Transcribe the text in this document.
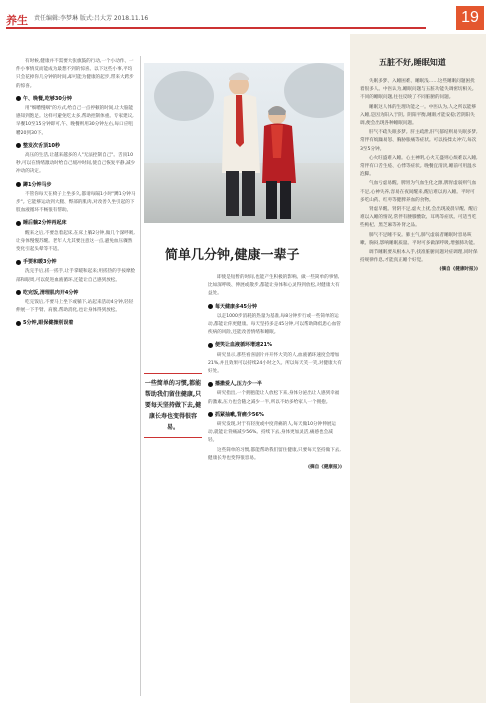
养生 责任编辑:李梦琳 版式:吕大芳 2018.11.16	19
简单几分钟,健康一辈子

有时候,健康并不需要大张旗鼓的行动,一个小动作、一件小事情反而能成为最想不到的惊喜。以下这些小事,平均只会花掉你几分钟的时间,却可能为健康的起步,带来大跨步的惊喜。

午、晚餐,吃够30分钟

用"细嚼慢咽"的方式,给自己一点停顿的时间,让大脑能感知到饱足。这样可避免吃太多,帮助控制体重。专家建议,早餐10至15分钟即可,午、晚餐则用30分钟左右,每口应咀嚼20到30下。

整发次舌顶10秒

高压的生活,让越来越多的人"无法控制自己"。舌顶10秒,可以在情绪激动时给自己缓冲时间,使自己恢复平静,减少冲动的决定。

蹲1分钟马步

不管你每天在椅子上坐多久,都请每隔1小时"蹲1分钟马步"。它能够运动到大腿、臀部的肌肉,对改善久坐引起的下肢血液循环不畅很有帮助。

睡后躺2分钟再起床

醒来之后,不要急着起床,在床上躺2分钟,做几个深呼吸,让身体慢慢苏醒。老年人尤其要注意这一点,避免血压骤然变化引起头晕等不适。

手要和暖3分钟

洗完手后,搓一搓手,让手掌暖和起来;用搓热的手按摩脸部和眼周,可以促进血液循环,还能让自己感到放松。

吃完饭,清理肌肉开4分钟

吃完饭后,不要马上坐下或躺下,站起来活动4分钟,轻轻伸展一下手臂、肩膀,帮助消化,也让身体得到放松。

5分钟,眼保健操别误着
一些简单的习惯,都能帮助我们留住健康,只要每天坚持做下去,健康长寿也变得很容易。

即使是短暂的时间,也能产生积极的影响。做一些简单的事情,比如深呼吸、伸展或散步,都能让身体和心灵得到放松,对健康大有益处。

每天健康多45分钟

以走1000步消耗的热量为基准,每8分钟步行或一些简单的运动,都能让你更健康。每天坚持多走45分钟,可以帮助降低患心血管疾病的风险,还能改善情绪和睡眠。

便笑让血液循环增速21%

研究显示,那些看喜剧片并开怀大笑的人,血液循环速度会增加21%,并且效果可以持续24小时之久。所以每天笑一笑,对健康大有好处。

播撒爱人,压力少一半

研究指出,一个拥抱能让人放松下来,身体分泌出让人感到幸福的激素,压力也会随之减少一半,所以不妨多给家人一个拥抱。

抓紧抽嗽,背痛少56%

研究发现,对于有轻度或中度背痛的人,每天做10分钟伸展运动,就能让背痛减少56%。持续下去,身体更加灵活,痛感也会减轻。

这些简单的习惯,都能帮助我们留住健康,只要每天坚持做下去,健康长寿也变得很容易。

(摘自《健康报》)
五脏不好,睡眠知道

失眠多梦、入睡困难、睡眠浅……这些睡眠问题困扰着很多人。中医认为,睡眠问题与五脏功能失调密切相关。不同的睡眠问题,往往反映了不同脏腑的问题。

睡眠这人体的生理功能之一。中医认为,人之所以能够入睡,是因为阳入于阴。阴阳平衡,睡眠才能安稳;若阴阳失调,便会出现各种睡眠问题。

肝气不疏失眠多梦。肝主疏泄,肝气郁结则易失眠多梦,常伴有烦躁易怒、胸胁胀痛等症状。可以按揉太冲穴,每次3至5分钟。

心火旺盛难入睡。心主神明,心火亢盛则心烦难以入睡,常伴有口舌生疮、心悸等症状。晚餐宜清淡,睡前可用温水泡脚。

气血亏虚易醒。脾胃为气血生化之源,脾胃虚弱则气血不足,心神失养,容易在夜间醒来,醒后难以再入睡。平时可多吃山药、红枣等健脾养血的食物。

肾虚早醒。肾阴不足,虚火上扰,会出现凌晨早醒、醒后难以入睡的情况,常伴有腰膝酸软、耳鸣等症状。可适当吃些枸杞、黑芝麻等补肾之品。

肺气不足睡不安。肺主气,肺气虚弱者睡眠时容易咳嗽、胸闷,影响睡眠质量。平时可多做深呼吸,增强肺功能。

调节睡眠要从根本入手,找准脏腑问题对症调理,同时保持规律作息,才能真正睡个好觉。

(摘自《健康时报》)
